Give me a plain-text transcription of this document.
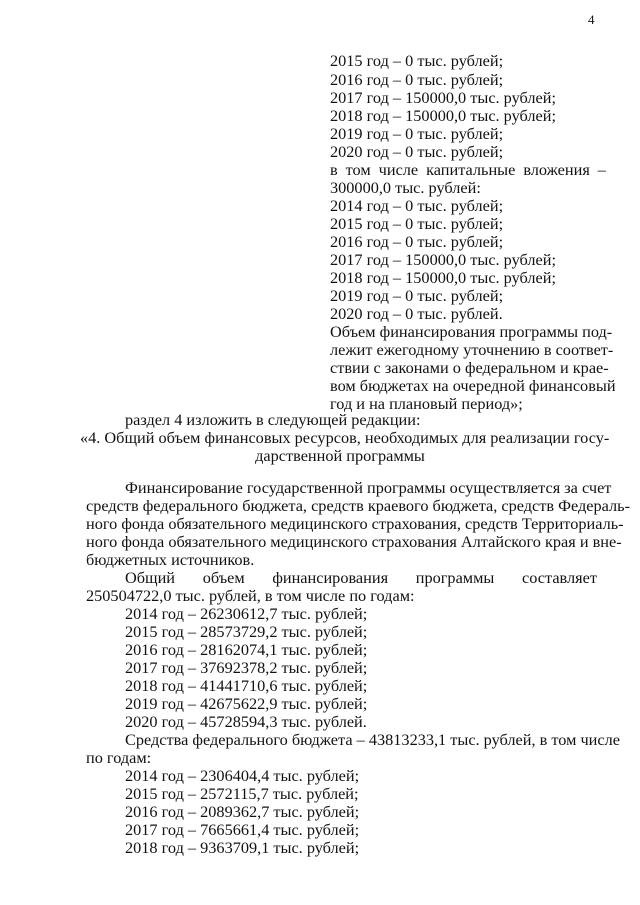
4
2015 год – 0 тыс. рублей;
2016 год – 0 тыс. рублей;
2017 год – 150000,0 тыс. рублей;
2018 год – 150000,0 тыс. рублей;
2019 год – 0 тыс. рублей;
2020 год – 0 тыс. рублей;
в том числе капитальные вложения –
300000,0 тыс. рублей:
2014 год – 0 тыс. рублей;
2015 год – 0 тыс. рублей;
2016 год – 0 тыс. рублей;
2017 год – 150000,0 тыс. рублей;
2018 год – 150000,0 тыс. рублей;
2019 год – 0 тыс. рублей;
2020 год – 0 тыс. рублей.
Объем финансирования программы под-
лежит ежегодному уточнению в соответ-
ствии с законами о федеральном и крае-
вом бюджетах на очередной финансовый
год и на плановый период»;
раздел 4 изложить в следующей редакции:
«4. Общий объем финансовых ресурсов, необходимых для реализации госу-
дарственной программы
Финансирование государственной программы осуществляется за счет
средств федерального бюджета, средств краевого бюджета, средств Федераль-
ного фонда обязательного медицинского страхования, средств Территориаль-
ного фонда обязательного медицинского страхования Алтайского края и вне-
бюджетных источников.
Общий объем финансирования программы составляет
250504722,0 тыс. рублей, в том числе по годам:
2014 год – 26230612,7 тыс. рублей;
2015 год – 28573729,2 тыс. рублей;
2016 год – 28162074,1 тыс. рублей;
2017 год – 37692378,2 тыс. рублей;
2018 год – 41441710,6 тыс. рублей;
2019 год – 42675622,9 тыс. рублей;
2020 год – 45728594,3 тыс. рублей.
Средства федерального бюджета – 43813233,1 тыс. рублей, в том числе
по годам:
2014 год – 2306404,4 тыс. рублей;
2015 год – 2572115,7 тыс. рублей;
2016 год – 2089362,7 тыс. рублей;
2017 год – 7665661,4 тыс. рублей;
2018 год – 9363709,1 тыс. рублей;
